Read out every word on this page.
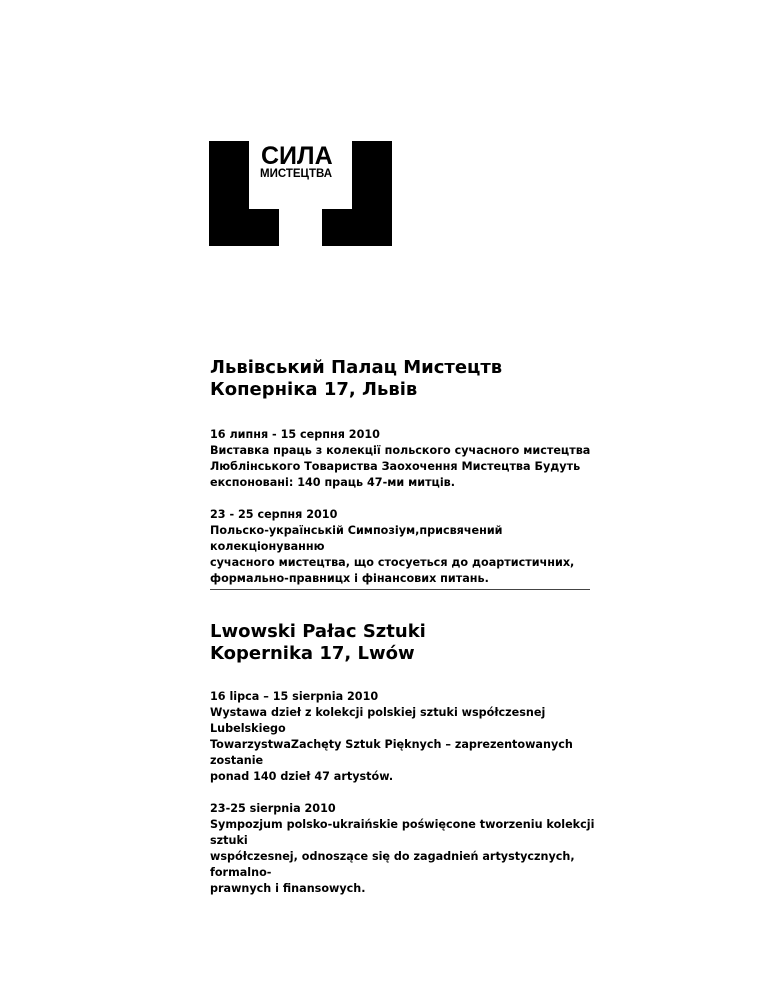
СИЛА
МИСТЕЦТВА
Львівський Палац Мистецтв
Коперніка 17, Львів

16 липня - 15 серпня 2010
Виставка праць з колекції польского сучасного мистецтва
Люблінського Товариства Заохочення Мистецтва Будуть
експоновані: 140 праць 47-ми митців.

23 - 25 серпня 2010
Польско-українській Симпозіум,присвячений колекціонуванню
сучасного мистецтва, що стосуеться до доартистичних,
формально-правницх і фінансових питань.

Lwowski Pałac Sztuki
Kopernika 17, Lwów

16 lipca – 15 sierpnia 2010
Wystawa dzieł z kolekcji polskiej sztuki współczesnej Lubelskiego
TowarzystwaZachęty Sztuk Pięknych – zaprezentowanych zostanie
ponad 140 dzieł 47 artystów.

23-25 sierpnia 2010
Sympozjum polsko-ukraińskie poświęcone tworzeniu kolekcji sztuki
współczesnej, odnoszące się do zagadnień artystycznych, formalno-
prawnych i finansowych.
